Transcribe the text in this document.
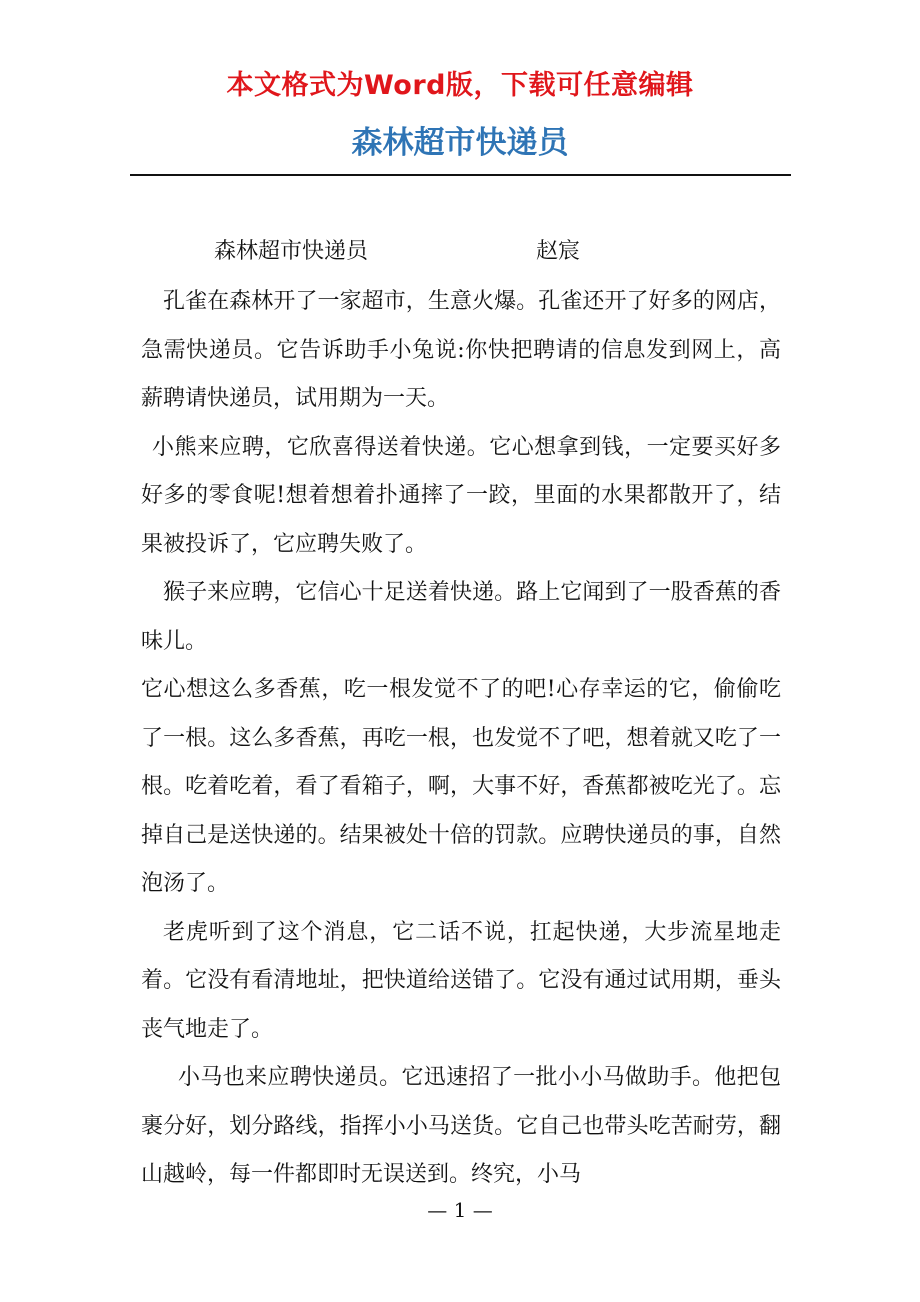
本文格式为Word版，下载可任意编辑
森林超市快递员
森林超市快递员	赵宸

孔雀在森林开了一家超市，生意火爆。孔雀还开了好多的网店，急需快递员。它告诉助手小兔说:你快把聘请的信息发到网上，高薪聘请快递员，试用期为一天。

小熊来应聘，它欣喜得送着快递。它心想拿到钱，一定要买好多好多的零食呢!想着想着扑通摔了一跤，里面的水果都散开了，结果被投诉了，它应聘失败了。

猴子来应聘，它信心十足送着快递。路上它闻到了一股香蕉的香味儿。

它心想这么多香蕉，吃一根发觉不了的吧!心存幸运的它，偷偷吃了一根。这么多香蕉，再吃一根，也发觉不了吧，想着就又吃了一根。吃着吃着，看了看箱子，啊，大事不好，香蕉都被吃光了。忘掉自己是送快递的。结果被处十倍的罚款。应聘快递员的事，自然泡汤了。

老虎听到了这个消息，它二话不说，扛起快递，大步流星地走着。它没有看清地址，把快道给送错了。它没有通过试用期，垂头丧气地走了。

小马也来应聘快递员。它迅速招了一批小小马做助手。他把包裹分好，划分路线，指挥小小马送货。它自己也带头吃苦耐劳，翻山越岭，每一件都即时无误送到。终究，小马

— 1 —
